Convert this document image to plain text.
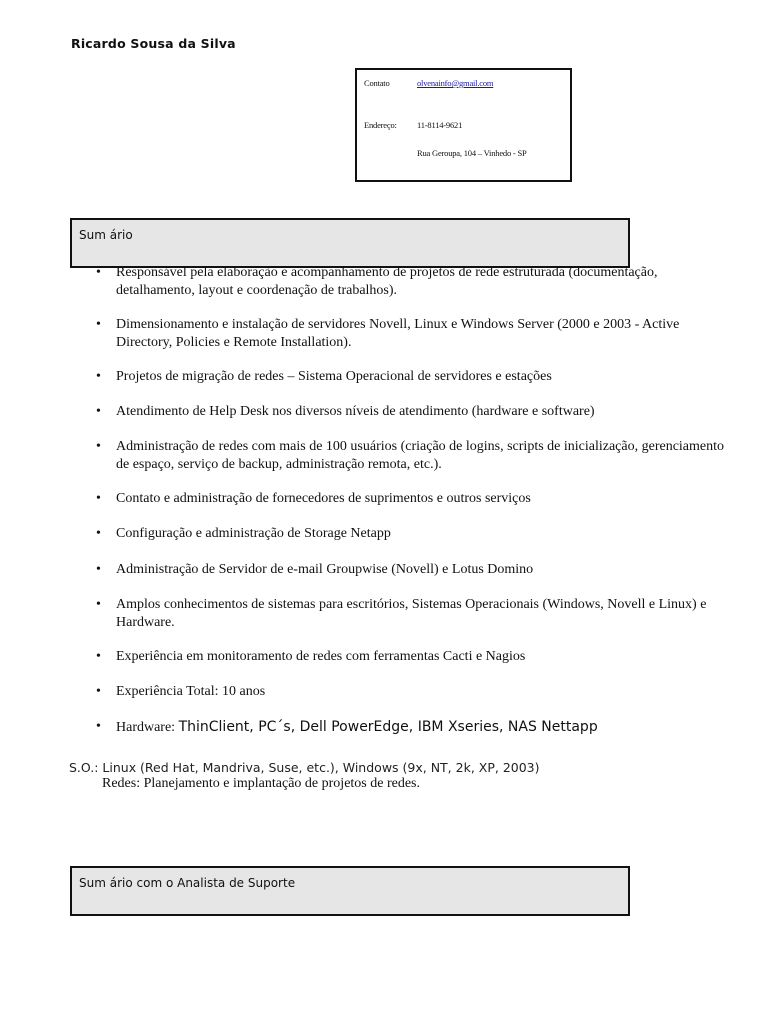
Ricardo Sousa da Silva
Contato	olvenainfo@gmail.com
Endereço: 11-8114-9621
Rua Geroupa, 104 – Vinhedo - SP
Sum ário
• Responsável pela elaboração e acompanhamento de projetos de rede estruturada (documentação, detalhamento, layout e coordenação de trabalhos).
• Dimensionamento e instalação de servidores Novell, Linux e Windows Server (2000 e 2003 - Active Directory, Policies e Remote Installation).
• Projetos de migração de redes – Sistema Operacional de servidores e estações
• Atendimento de Help Desk nos diversos níveis de atendimento (hardware e software)
• Administração de redes com mais de 100 usuários (criação de logins, scripts de inicialização, gerenciamento de espaço, serviço de backup, administração remota, etc.).
• Contato e administração de fornecedores de suprimentos e outros serviços
• Configuração e administração de Storage Netapp
• Administração de Servidor de e-mail Groupwise (Novell) e Lotus Domino
• Amplos conhecimentos de sistemas para escritórios, Sistemas Operacionais (Windows, Novell e Linux) e Hardware.
• Experiência em monitoramento de redes com ferramentas Cacti e Nagios
• Experiência Total: 10 anos
• Hardware: ThinClient, PC´s, Dell PowerEdge, IBM Xseries, NAS Nettapp
S.O.: Linux (Red Hat, Mandriva, Suse, etc.), Windows (9x, NT, 2k, XP, 2003)
Redes: Planejamento e implantação de projetos de redes.
Sum ário com o Analista de Suporte
